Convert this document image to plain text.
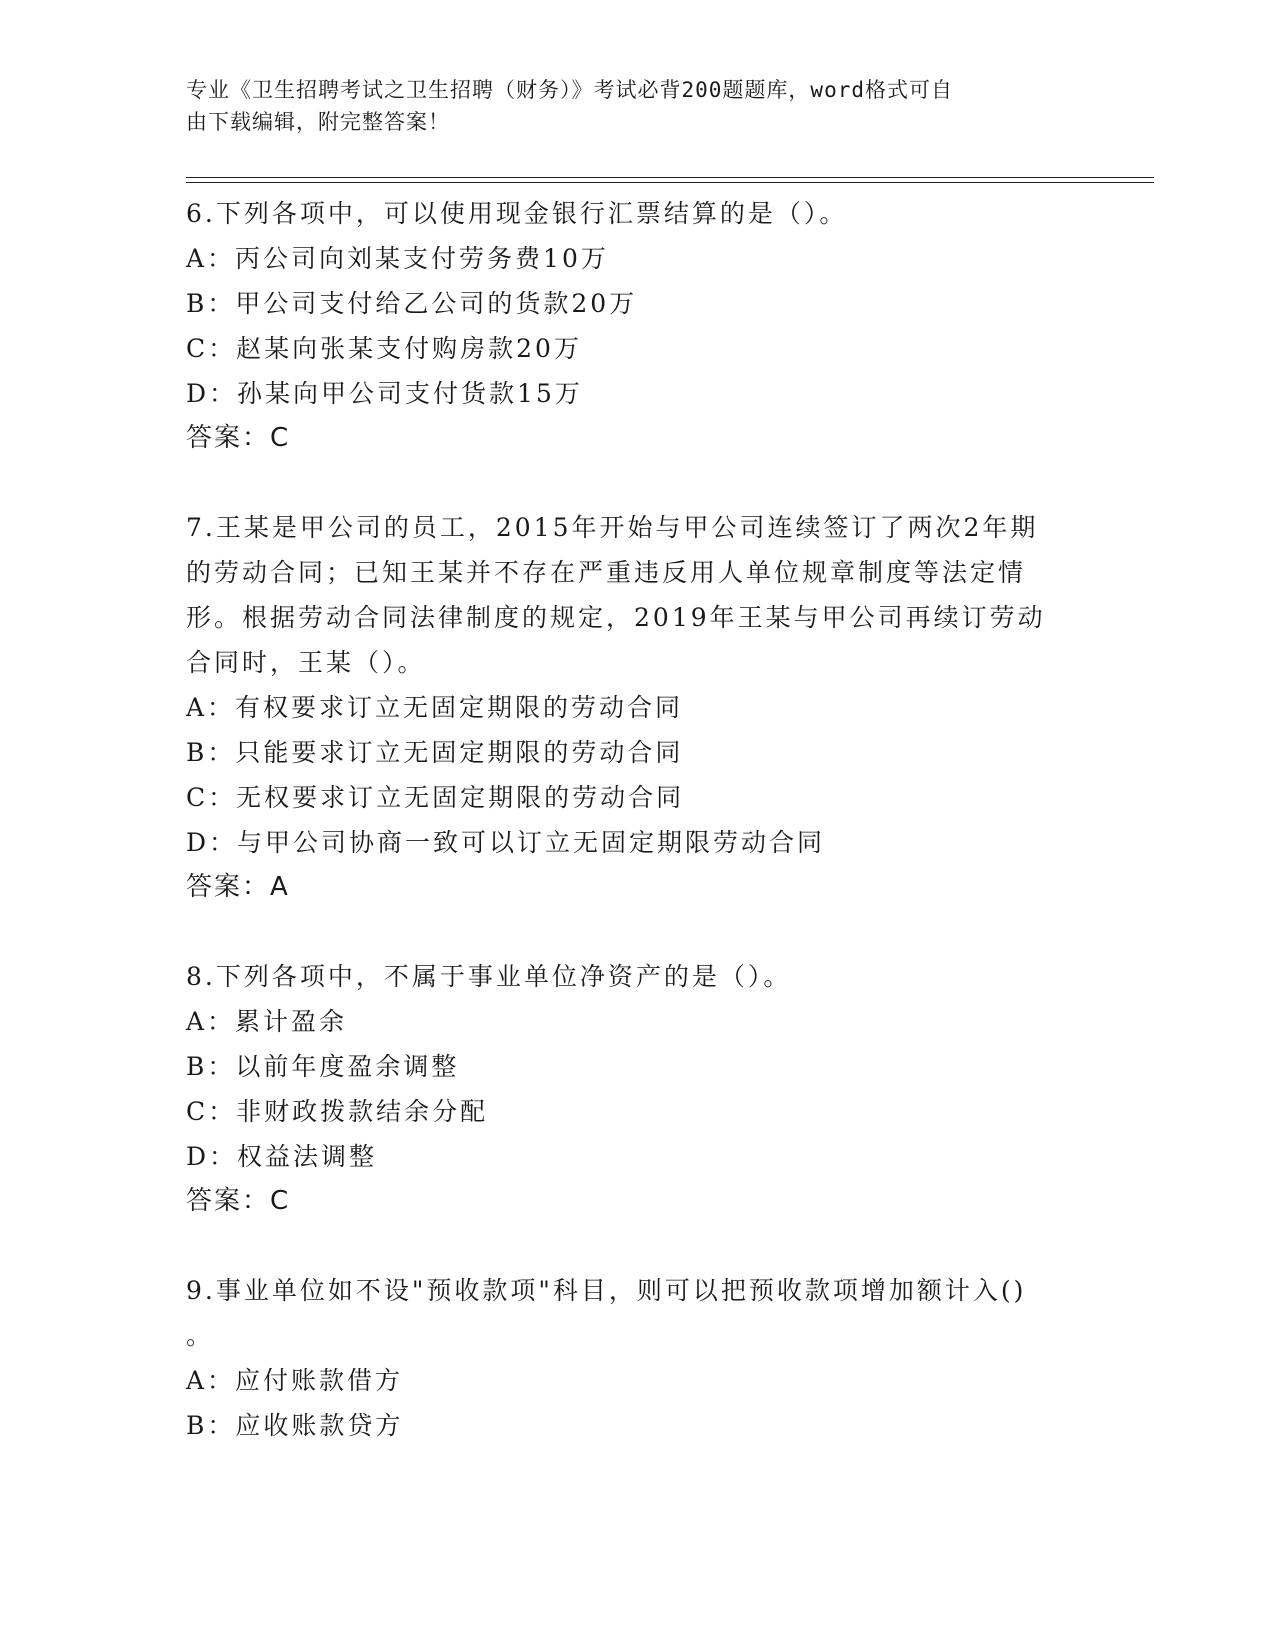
专业《卫生招聘考试之卫生招聘（财务）》考试必背200题题库，word格式可自
由下载编辑，附完整答案！
6.下列各项中，可以使用现金银行汇票结算的是（）。
A：丙公司向刘某支付劳务费10万
B：甲公司支付给乙公司的货款20万
C：赵某向张某支付购房款20万
D：孙某向甲公司支付货款15万
答案：C
7.王某是甲公司的员工，2015年开始与甲公司连续签订了两次2年期
的劳动合同；已知王某并不存在严重违反用人单位规章制度等法定情
形。根据劳动合同法律制度的规定，2019年王某与甲公司再续订劳动
合同时，王某（）。
A：有权要求订立无固定期限的劳动合同
B：只能要求订立无固定期限的劳动合同
C：无权要求订立无固定期限的劳动合同
D：与甲公司协商一致可以订立无固定期限劳动合同
答案：A
8.下列各项中，不属于事业单位净资产的是（）。
A：累计盈余
B：以前年度盈余调整
C：非财政拨款结余分配
D：权益法调整
答案：C
9.事业单位如不设"预收款项"科目，则可以把预收款项增加额计入()
。
A：应付账款借方
B：应收账款贷方
